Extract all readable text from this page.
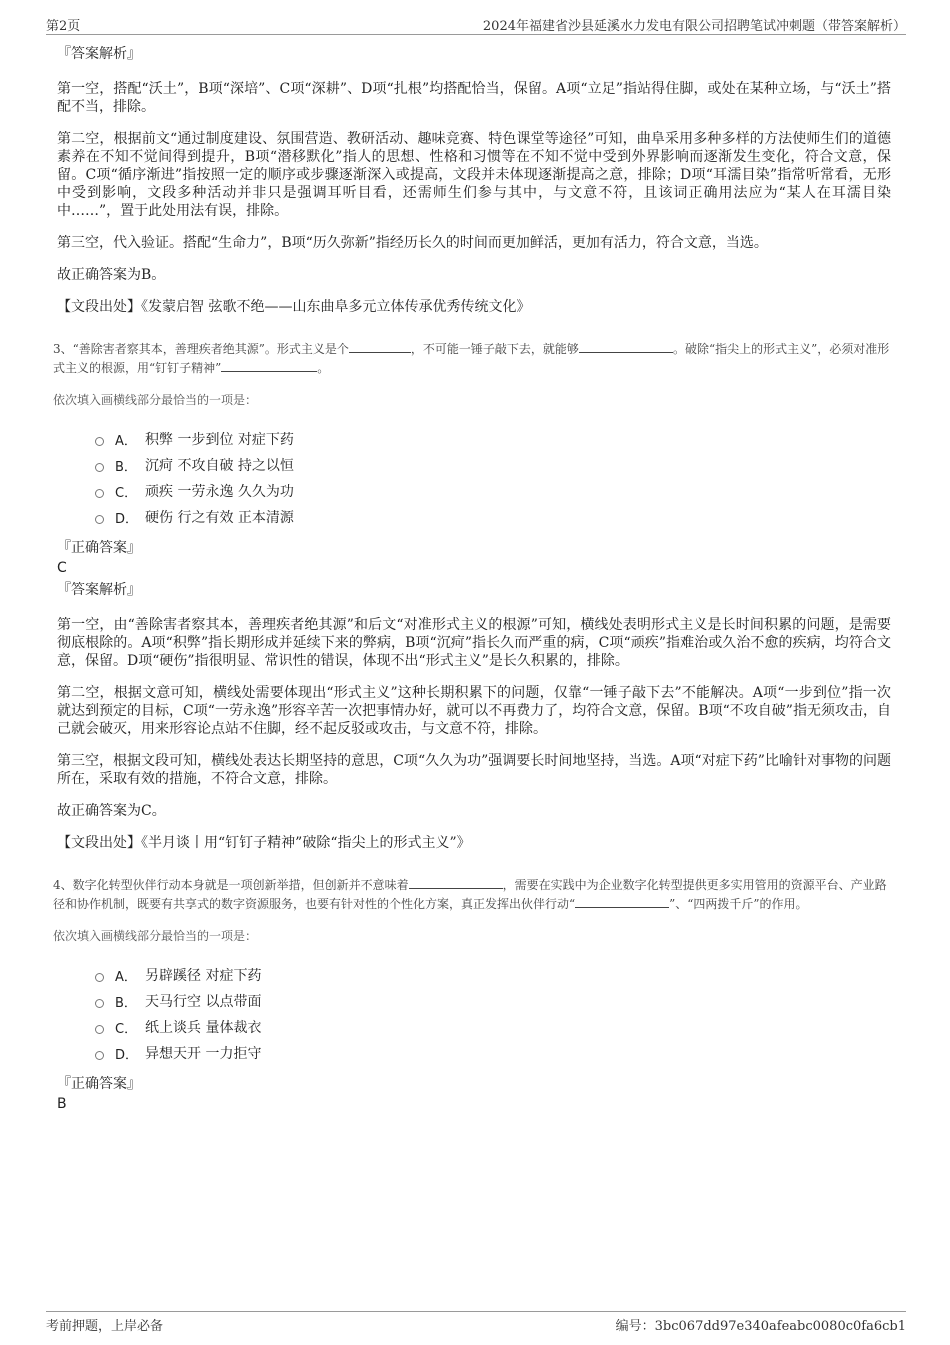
第2页	2024年福建省沙县延溪水力发电有限公司招聘笔试冲刺题（带答案解析）
『答案解析』

第一空，搭配“沃土”，B项“深培”、C项“深耕”、D项“扎根”均搭配恰当，保留。A项“立足”指站得住脚，或处在某种立场，与“沃土”搭配不当，排除。

第二空，根据前文“通过制度建设、氛围营造、教研活动、趣味竞赛、特色课堂等途径”可知，曲阜采用多种多样的方法使师生们的道德素养在不知不觉间得到提升，B项“潜移默化”指人的思想、性格和习惯等在不知不觉中受到外界影响而逐渐发生变化，符合文意，保留。C项“循序渐进”指按照一定的顺序或步骤逐渐深入或提高，文段并未体现逐渐提高之意，排除；D项“耳濡目染”指常听常看，无形中受到影响，文段多种活动并非只是强调耳听目看，还需师生们参与其中，与文意不符，且该词正确用法应为“某人在耳濡目染中……”，置于此处用法有误，排除。

第三空，代入验证。搭配“生命力”，B项“历久弥新”指经历长久的时间而更加鲜活，更加有活力，符合文意，当选。

故正确答案为B。

【文段出处】《发蒙启智 弦歌不绝——山东曲阜多元立体传承优秀传统文化》

3、“善除害者察其本，善理疾者绝其源”。形式主义是个	，不可能一锤子敲下去，就能够	。破除“指尖上的形式主义”，必须对准形式主义的根源，用“钉钉子精神”	。
依次填入画横线部分最恰当的一项是：
A． 积弊 一步到位 对症下药
B． 沉疴 不攻自破 持之以恒
C． 顽疾 一劳永逸 久久为功
D． 硬伤 行之有效 正本清源
『正确答案』
C
『答案解析』

第一空，由“善除害者察其本，善理疾者绝其源”和后文“对准形式主义的根源”可知，横线处表明形式主义是长时间积累的问题，是需要彻底根除的。A项“积弊”指长期形成并延续下来的弊病，B项“沉疴”指长久而严重的病，C项“顽疾”指难治或久治不愈的疾病，均符合文意，保留。D项“硬伤”指很明显、常识性的错误，体现不出“形式主义”是长久积累的，排除。

第二空，根据文意可知，横线处需要体现出“形式主义”这种长期积累下的问题，仅靠“一锤子敲下去”不能解决。A项“一步到位”指一次就达到预定的目标，C项“一劳永逸”形容辛苦一次把事情办好，就可以不再费力了，均符合文意，保留。B项“不攻自破”指无须攻击，自己就会破灭，用来形容论点站不住脚，经不起反驳或攻击，与文意不符，排除。

第三空，根据文段可知，横线处表达长期坚持的意思，C项“久久为功”强调要长时间地坚持，当选。A项“对症下药”比喻针对事物的问题所在，采取有效的措施，不符合文意，排除。

故正确答案为C。

【文段出处】《半月谈丨用“钉钉子精神”破除“指尖上的形式主义”》

4、数字化转型伙伴行动本身就是一项创新举措，但创新并不意味着	，需要在实践中为企业数字化转型提供更多实用管用的资源平台、产业路径和协作机制，既要有共享式的数字资源服务，也要有针对性的个性化方案，真正发挥出伙伴行动“	”、“四两拨千斤”的作用。
依次填入画横线部分最恰当的一项是：
A． 另辟蹊径 对症下药
B． 天马行空 以点带面
C． 纸上谈兵 量体裁衣
D． 异想天开 一力拒守
『正确答案』
B
考前押题，上岸必备	编号：3bc067dd97e340afeabc0080c0fa6cb1
